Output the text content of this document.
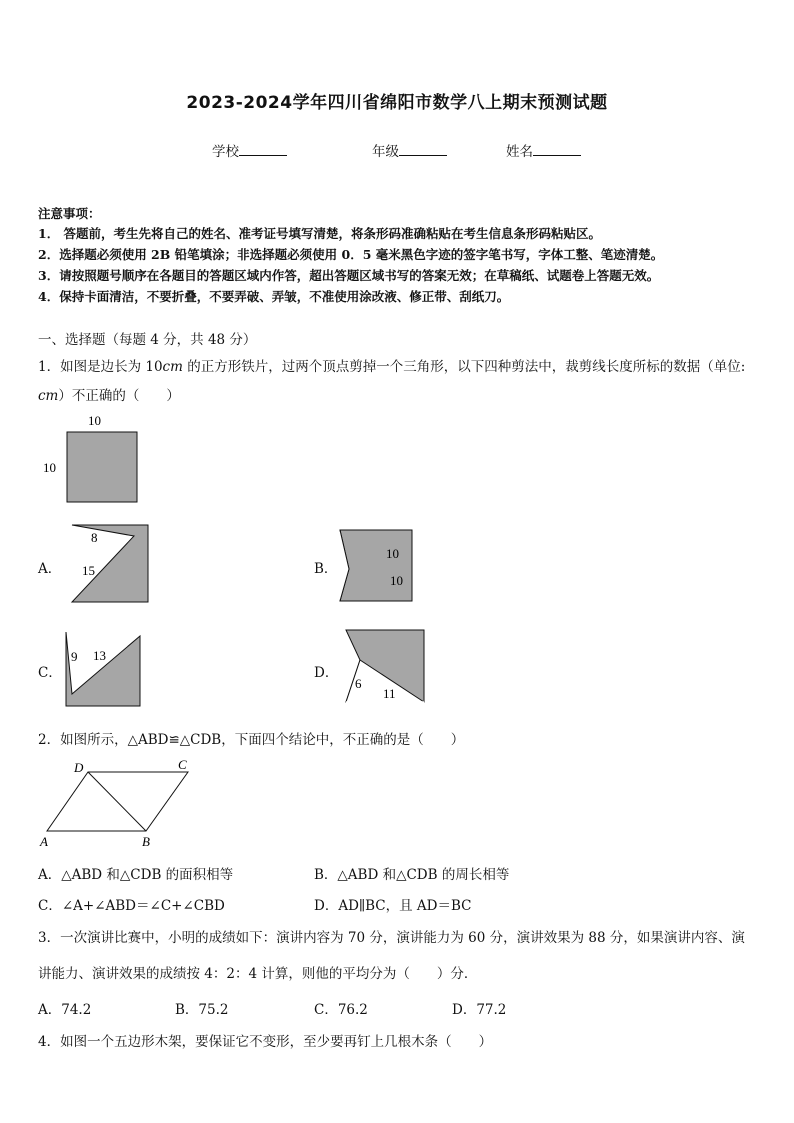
2023-2024学年四川省绵阳市数学八上期末预测试题
学校	年级	姓名
注意事项：
1． 答题前，考生先将自己的姓名、准考证号填写清楚，将条形码准确粘贴在考生信息条形码粘贴区。
2．选择题必须使用 2B 铅笔填涂；非选择题必须使用 0．5 毫米黑色字迹的签字笔书写，字体工整、笔迹清楚。
3．请按照题号顺序在各题目的答题区域内作答，超出答题区域书写的答案无效；在草稿纸、试题卷上答题无效。
4．保持卡面清洁，不要折叠，不要弄破、弄皱，不准使用涂改液、修正带、刮纸刀。
一、选择题（每题 4 分，共 48 分）
1．如图是边长为 10𝑐𝑚 的正方形铁片，过两个顶点剪掉一个三角形，以下四种剪法中，裁剪线长度所标的数据（单位:
𝑐𝑚）不正确的（　　）
10
10
A．
8
15	B．
10
10
C．
9 13
D．
6
11
2．如图所示，△ABD≌△CDB，下面四个结论中，不正确的是（　　）
D	C
A	B
A．△ABD 和△CDB 的面积相等	B．△ABD 和△CDB 的周长相等
C．∠A+∠ABD＝∠C+∠CBD	D．AD∥BC，且 AD＝BC
3．一次演讲比赛中，小明的成绩如下：演讲内容为 70 分，演讲能力为 60 分，演讲效果为 88 分，如果演讲内容、演
讲能力、演讲效果的成绩按 4：2：4 计算，则他的平均分为（　　）分．
A．74.2	B．75.2	C．76.2	D．77.2
4．如图一个五边形木架，要保证它不变形，至少要再钉上几根木条（　　）
